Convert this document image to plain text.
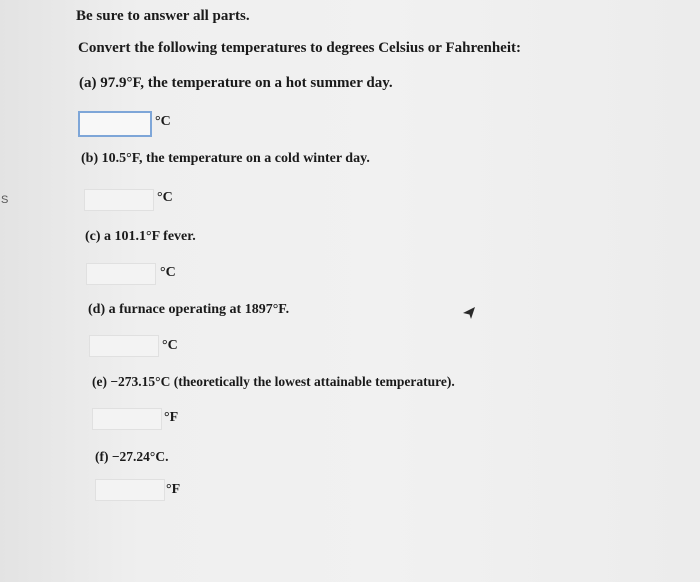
S
Be sure to answer all parts.
Convert the following temperatures to degrees Celsius or Fahrenheit:
(a) 97.9°F, the temperature on a hot summer day.
°C
(b) 10.5°F, the temperature on a cold winter day.
°C
(c) a 101.1°F fever.
°C
(d) a furnace operating at 1897°F.
°C
(e) −273.15°C (theoretically the lowest attainable temperature).
°F
(f) −27.24°C.
°F
